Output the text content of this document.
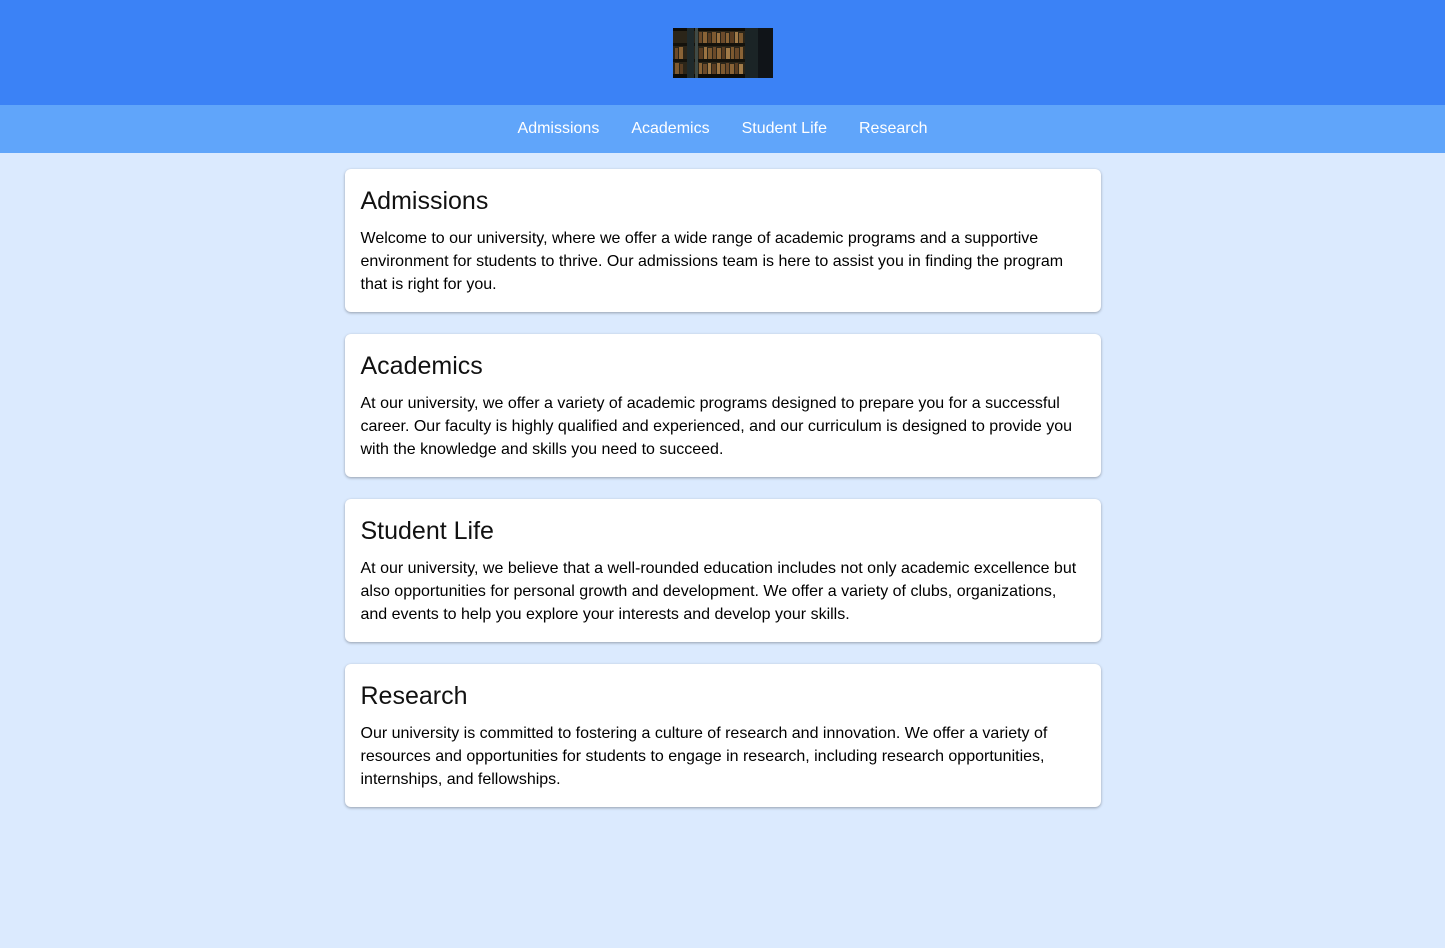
Admissions	Academics	Student Life	Research
Admissions

Welcome to our university, where we offer a wide range of academic programs and a supportive environment for students to thrive. Our admissions team is here to assist you in finding the program that is right for you.

Academics

At our university, we offer a variety of academic programs designed to prepare you for a successful career. Our faculty is highly qualified and experienced, and our curriculum is designed to provide you with the knowledge and skills you need to succeed.

Student Life

At our university, we believe that a well-rounded education includes not only academic excellence but also opportunities for personal growth and development. We offer a variety of clubs, organizations, and events to help you explore your interests and develop your skills.

Research

Our university is committed to fostering a culture of research and innovation. We offer a variety of resources and opportunities for students to engage in research, including research opportunities, internships, and fellowships.
